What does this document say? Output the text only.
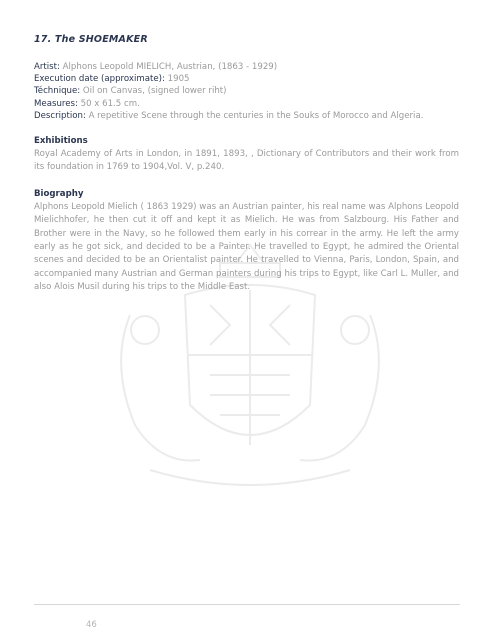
17. The SHOEMAKER

Artist: Alphons Leopold MIELICH, Austrian, (1863 - 1929)

Execution date (approximate): 1905

Téchnique: Oil on Canvas, (signed lower riht)

Measures: 50 x 61.5 cm.

Description: A repetitive Scene through the centuries in the Souks of Morocco and Algeria.

Exhibitions

Royal Academy of Arts in London, in 1891, 1893, , Dictionary of Contributors and their work from its foundation in 1769 to 1904,Vol. V, p.240.

Biography

Alphons Leopold Mielich ( 1863 1929) was an Austrian painter, his real name was Alphons Leopold Mielichhofer, he then cut it off and kept it as Mielich. He was from Salzbourg. His Father and Brother were in the Navy, so he followed them early in his correar in the army. He left the army early as he got sick, and decided to be a Painter. He travelled to Egypt, he admired the Oriental scenes and decided to be an Orientalist painter. He travelled to Vienna, Paris, London, Spain, and accompanied many Austrian and German painters during his trips to Egypt, like Carl L. Muller, and also Alois Musil during his trips to the Middle East.

46
